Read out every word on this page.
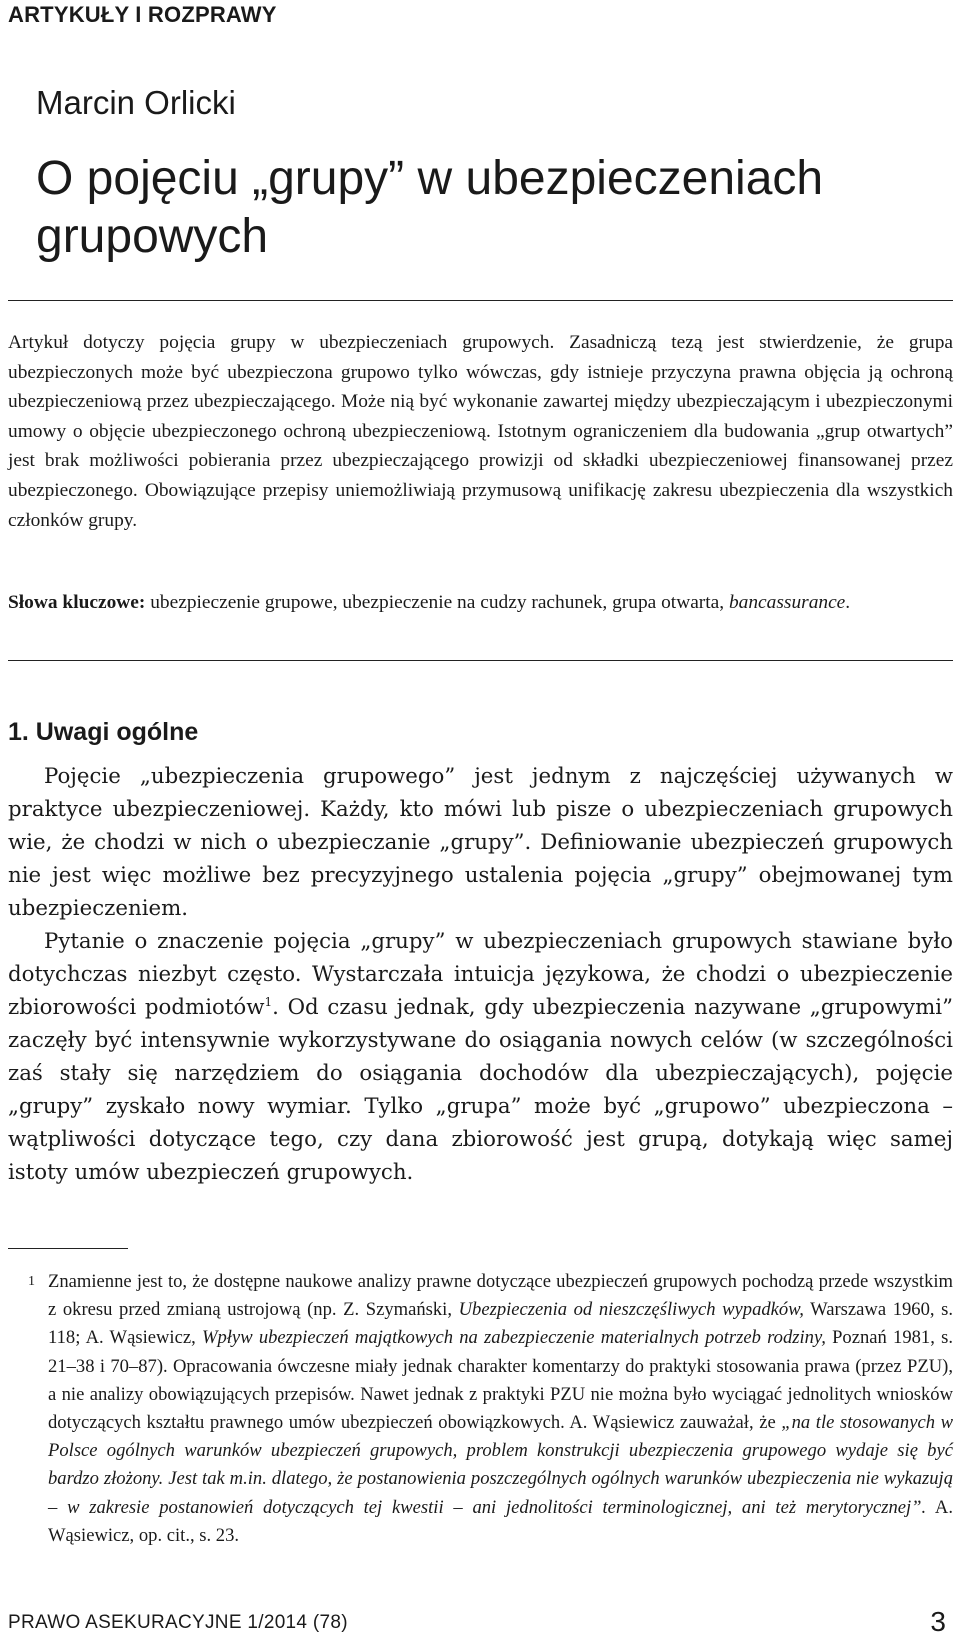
ARTYKUŁY I ROZPRAWY
Marcin Orlicki
O pojęciu „grupy” w ubezpieczeniach grupowych
Artykuł dotyczy pojęcia grupy w ubezpieczeniach grupowych. Zasadniczą tezą jest stwierdzenie, że grupa ubezpieczonych może być ubezpieczona grupowo tylko wówczas, gdy istnieje przyczyna prawna objęcia ją ochroną ubezpieczeniową przez ubezpieczającego. Może nią być wykonanie zawartej między ubezpieczającym i ubezpieczonymi umowy o objęcie ubezpieczonego ochroną ubezpieczeniową. Istotnym ograniczeniem dla budowania „grup otwartych” jest brak możliwości pobierania przez ubezpieczającego prowizji od składki ubezpieczeniowej finansowanej przez ubezpieczonego. Obowiązujące przepisy uniemożliwiają przymusową unifikację zakresu ubezpieczenia dla wszystkich członków grupy.
Słowa kluczowe: ubezpieczenie grupowe, ubezpieczenie na cudzy rachunek, grupa otwarta, bancassurance.
1. Uwagi ogólne

Pojęcie „ubezpieczenia grupowego” jest jednym z najczęściej używanych w praktyce ubezpieczeniowej. Każdy, kto mówi lub pisze o ubezpieczeniach grupowych wie, że chodzi w nich o ubezpieczanie „grupy”. Definiowanie ubezpieczeń grupowych nie jest więc możliwe bez precyzyjnego ustalenia pojęcia „grupy” obejmowanej tym ubezpieczeniem.

Pytanie o znaczenie pojęcia „grupy” w ubezpieczeniach grupowych stawiane było dotychczas niezbyt często. Wystarczała intuicja językowa, że chodzi o ubezpieczenie zbiorowości podmiotów$^1$. Od czasu jednak, gdy ubezpieczenia nazywane „grupowymi” zaczęły być intensywnie wykorzystywane do osiągania nowych celów (w szczególności zaś stały się narzędziem do osiągania dochodów dla ubezpieczających), pojęcie „grupy” zyskało nowy wymiar. Tylko „grupa” może być „grupowo” ubezpieczona – wątpliwości dotyczące tego, czy dana zbiorowość jest grupą, dotykają więc samej istoty umów ubezpieczeń grupowych.

1 Znamienne jest to, że dostępne naukowe analizy prawne dotyczące ubezpieczeń grupowych pochodzą przede wszystkim z okresu przed zmianą ustrojową (np. Z. Szymański, Ubezpieczenia od nieszczęśliwych wypadków, Warszawa 1960, s. 118; A. Wąsiewicz, Wpływ ubezpieczeń majątkowych na zabezpieczenie materialnych potrzeb rodziny, Poznań 1981, s. 21–38 i 70–87). Opracowania ówczesne miały jednak charakter komentarzy do praktyki stosowania prawa (przez PZU), a nie analizy obowiązujących przepisów. Nawet jednak z praktyki PZU nie można było wyciągać jednolitych wniosków dotyczących kształtu prawnego umów ubezpieczeń obowiązkowych. A. Wąsiewicz zauważał, że „na tle stosowanych w Polsce ogólnych warunków ubezpieczeń grupowych, problem konstrukcji ubezpieczenia grupowego wydaje się być bardzo złożony. Jest tak m.in. dlatego, że postanowienia poszczególnych ogólnych warunków ubezpieczenia nie wykazują – w zakresie postanowień dotyczących tej kwestii – ani jednolitości terminologicznej, ani też merytorycznej”. A. Wąsiewicz, op. cit., s. 23.
PRAWO ASEKURACYJNE 1/2014 (78)	3
